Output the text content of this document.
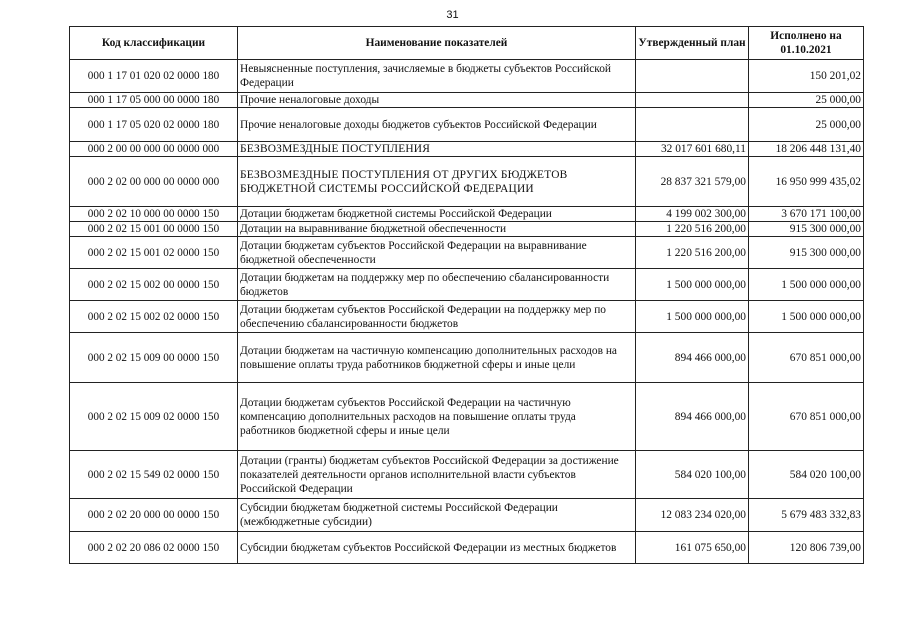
31
Код классификации	Наименование показателей	Утвержденный план	Исполнено на 01.10.2021
000 1 17 01 020 02 0000 180	Невыясненные поступления, зачисляемые в бюджеты субъектов Российской Федерации		150 201,02
000 1 17 05 000 00 0000 180	Прочие неналоговые доходы		25 000,00
000 1 17 05 020 02 0000 180	Прочие неналоговые доходы бюджетов субъектов Российской Федерации		25 000,00
000 2 00 00 000 00 0000 000	БЕЗВОЗМЕЗДНЫЕ ПОСТУПЛЕНИЯ	32 017 601 680,11	18 206 448 131,40
000 2 02 00 000 00 0000 000	БЕЗВОЗМЕЗДНЫЕ ПОСТУПЛЕНИЯ ОТ ДРУГИХ БЮДЖЕТОВ БЮДЖЕТНОЙ СИСТЕМЫ РОССИЙСКОЙ ФЕДЕРАЦИИ	28 837 321 579,00	16 950 999 435,02
000 2 02 10 000 00 0000 150	Дотации бюджетам бюджетной системы Российской Федерации	4 199 002 300,00	3 670 171 100,00
000 2 02 15 001 00 0000 150	Дотации на выравнивание бюджетной обеспеченности	1 220 516 200,00	915 300 000,00
000 2 02 15 001 02 0000 150	Дотации бюджетам субъектов Российской Федерации на выравнивание бюджетной обеспеченности	1 220 516 200,00	915 300 000,00
000 2 02 15 002 00 0000 150	Дотации бюджетам на поддержку мер по обеспечению сбалансированности бюджетов	1 500 000 000,00	1 500 000 000,00
000 2 02 15 002 02 0000 150	Дотации бюджетам субъектов Российской Федерации на поддержку мер по обеспечению сбалансированности бюджетов	1 500 000 000,00	1 500 000 000,00
000 2 02 15 009 00 0000 150	Дотации бюджетам на частичную компенсацию дополнительных расходов на повышение оплаты труда работников бюджетной сферы и иные цели	894 466 000,00	670 851 000,00
000 2 02 15 009 02 0000 150	Дотации бюджетам субъектов Российской Федерации на частичную компенсацию дополнительных расходов на повышение оплаты труда работников бюджетной сферы и иные цели	894 466 000,00	670 851 000,00
000 2 02 15 549 02 0000 150	Дотации (гранты) бюджетам субъектов Российской Федерации за достижение показателей деятельности органов исполнительной власти субъектов Российской Федерации	584 020 100,00	584 020 100,00
000 2 02 20 000 00 0000 150	Субсидии бюджетам бюджетной системы Российской Федерации (межбюджетные субсидии)	12 083 234 020,00	5 679 483 332,83
000 2 02 20 086 02 0000 150	Субсидии бюджетам субъектов Российской Федерации из местных бюджетов	161 075 650,00	120 806 739,00
